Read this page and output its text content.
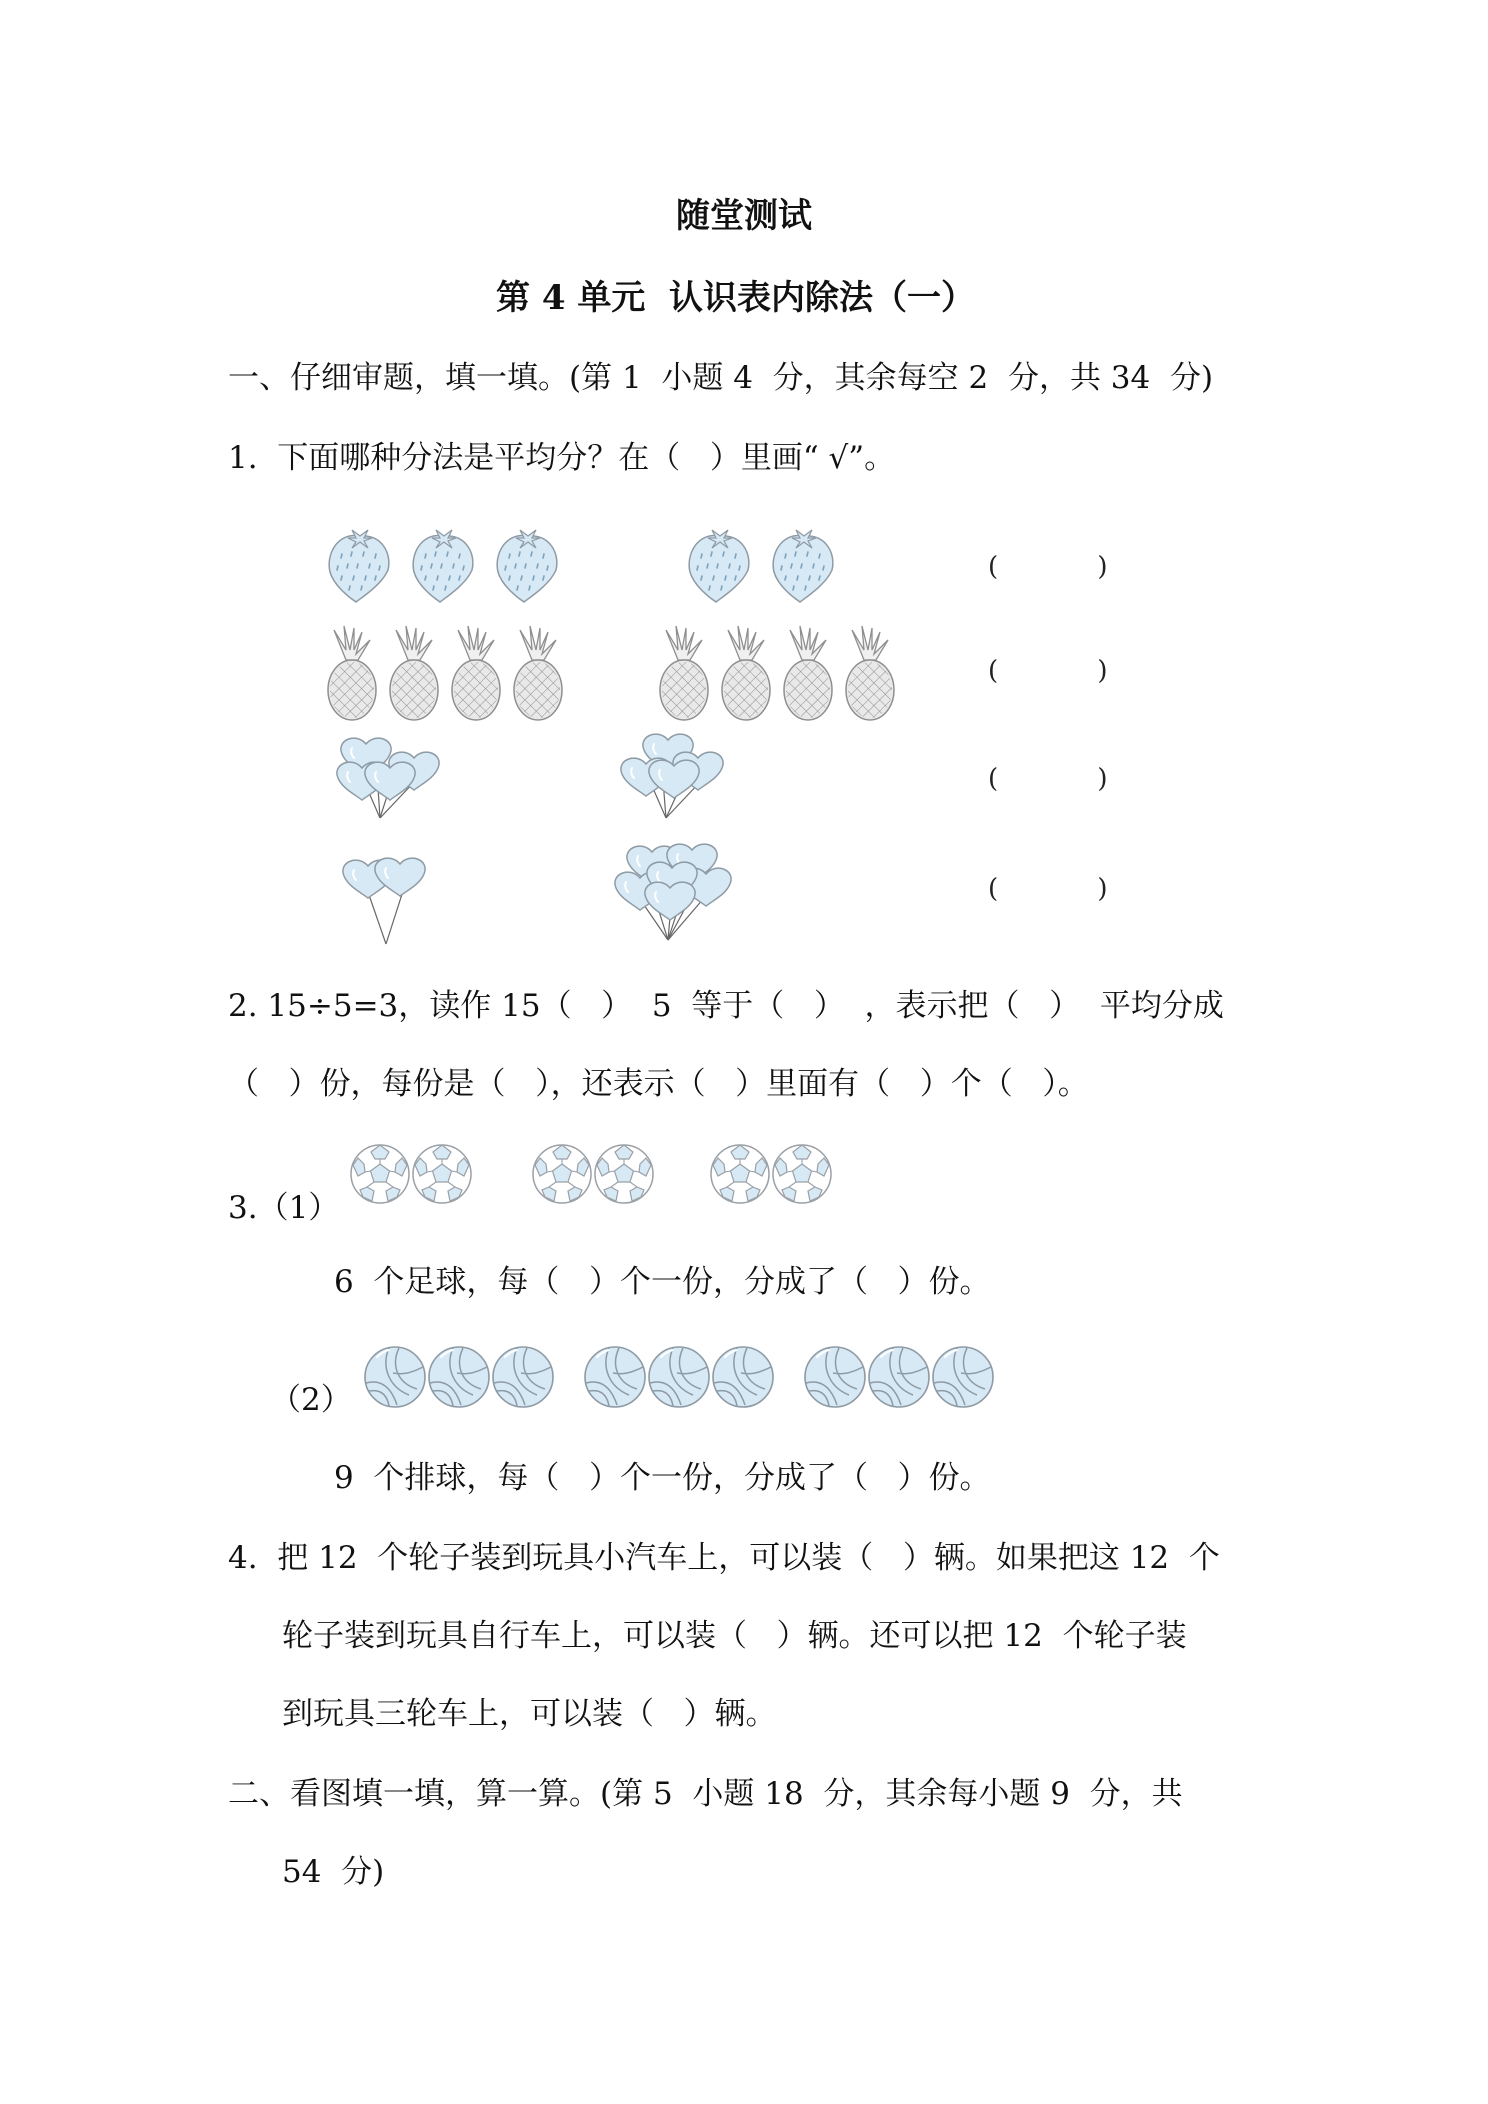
随堂测试
第 4 单元  认识表内除法（一）
一、仔细审题，填一填。(第 1  小题 4  分，其余每空 2  分，共 34  分)
1.  下面哪种分法是平均分？在（   ）里画“ √”。
(            )
(            )
(            )
(            )
2. 15÷5=3，读作 15（   ）  5  等于（   ）  ，表示把（   ）  平均分成
（   ）份，每份是（   ），还表示（   ）里面有（   ）个（   ）。
3.（1）
6  个足球，每（   ）个一份，分成了（   ）份。
（2）
9  个排球，每（   ）个一份，分成了（   ）份。
4.  把 12  个轮子装到玩具小汽车上，可以装（   ）辆。如果把这 12  个
轮子装到玩具自行车上，可以装（   ）辆。还可以把 12  个轮子装
到玩具三轮车上，可以装（   ）辆。
二、看图填一填，算一算。(第 5  小题 18  分，其余每小题 9  分，共
54  分)
